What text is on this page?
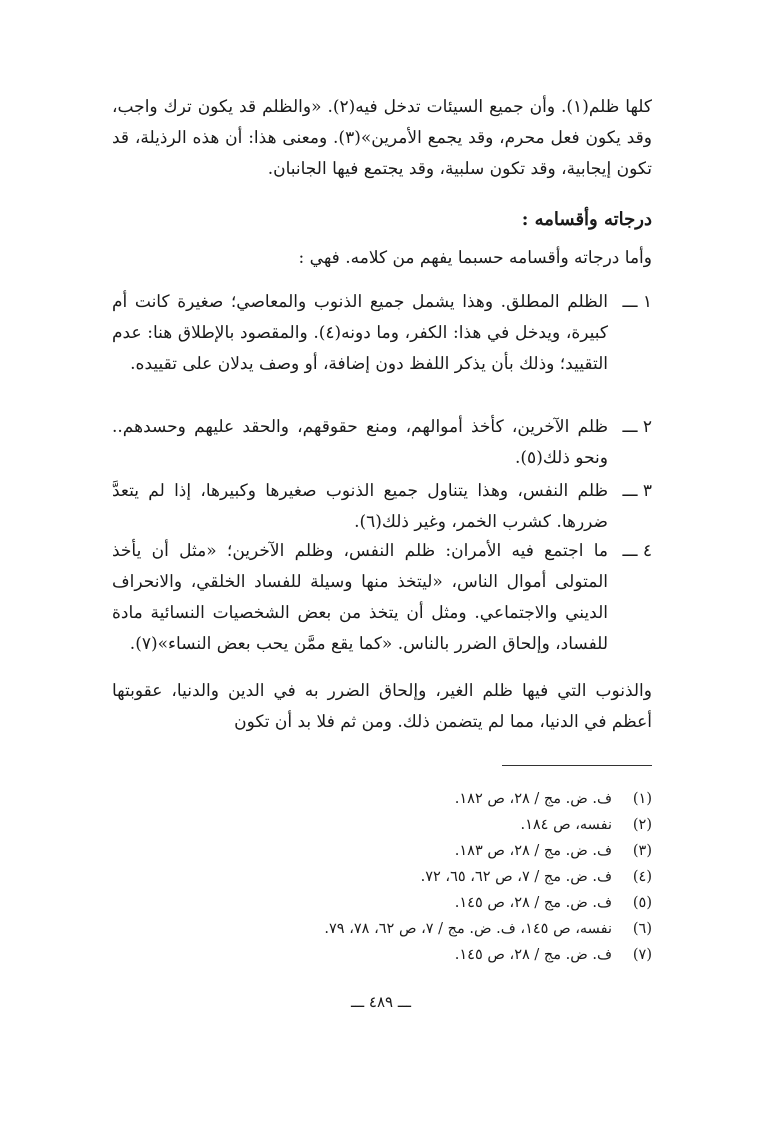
كلها ظلم(١). وأن جميع السيئات تدخل فيه(٢). «والظلم قد يكون ترك واجب، وقد يكون فعل محرم، وقد يجمع الأمرين»(٣). ومعنى هذا: أن هذه الرذيلة، قد تكون إيجابية، وقد تكون سلبية، وقد يجتمع فيها الجانبان.
درجاته وأقسامه :
وأما درجاته وأقسامه حسبما يفهم من كلامه. فهي :
١ ـــ
الظلم المطلق. وهذا يشمل جميع الذنوب والمعاصي؛ صغيرة كانت أم كبيرة، ويدخل في هذا: الكفر، وما دونه(٤). والمقصود بالإطلاق هنا: عدم التقييد؛ وذلك بأن يذكر اللفظ دون إضافة، أو وصف يدلان على تقييده.
٢ ـــ
ظلم الآخرين، كأخذ أموالهم، ومنع حقوقهم، والحقد عليهم وحسدهم.. ونحو ذلك(٥).
٣ ـــ
ظلم النفس، وهذا يتناول جميع الذنوب صغيرها وكبيرها، إذا لم يتعدَّ ضررها. كشرب الخمر، وغير ذلك(٦).
٤ ـــ
ما اجتمع فيه الأمران: ظلم النفس، وظلم الآخرين؛ «مثل أن يأخذ المتولى أموال الناس، «ليتخذ منها وسيلة للفساد الخلقي، والانحراف الديني والاجتماعي. ومثل أن يتخذ من بعض الشخصيات النسائية مادة للفساد، وإلحاق الضرر بالناس. «كما يقع ممَّن يحب بعض النساء»(٧).
والذنوب التي فيها ظلم الغير، وإلحاق الضرر به في الدين والدنيا، عقوبتها أعظم في الدنيا، مما لم يتضمن ذلك. ومن ثم فلا بد أن تكون
(١)
ف. ض. مج / ٢٨، ص ١٨٢.
(٢)
نفسه، ص ١٨٤.
(٣)
ف. ض. مج / ٢٨، ص ١٨٣.
(٤)
ف. ض. مج / ٧، ص ٦٢، ٦٥، ٧٢.
(٥)
ف. ض. مج / ٢٨، ص ١٤٥.
(٦)
نفسه، ص ١٤٥، ف. ض. مج / ٧، ص ٦٢، ٧٨، ٧٩.
(٧)
ف. ض. مج / ٢٨، ص ١٤٥.
ـــ ٤٨٩ ـــ
